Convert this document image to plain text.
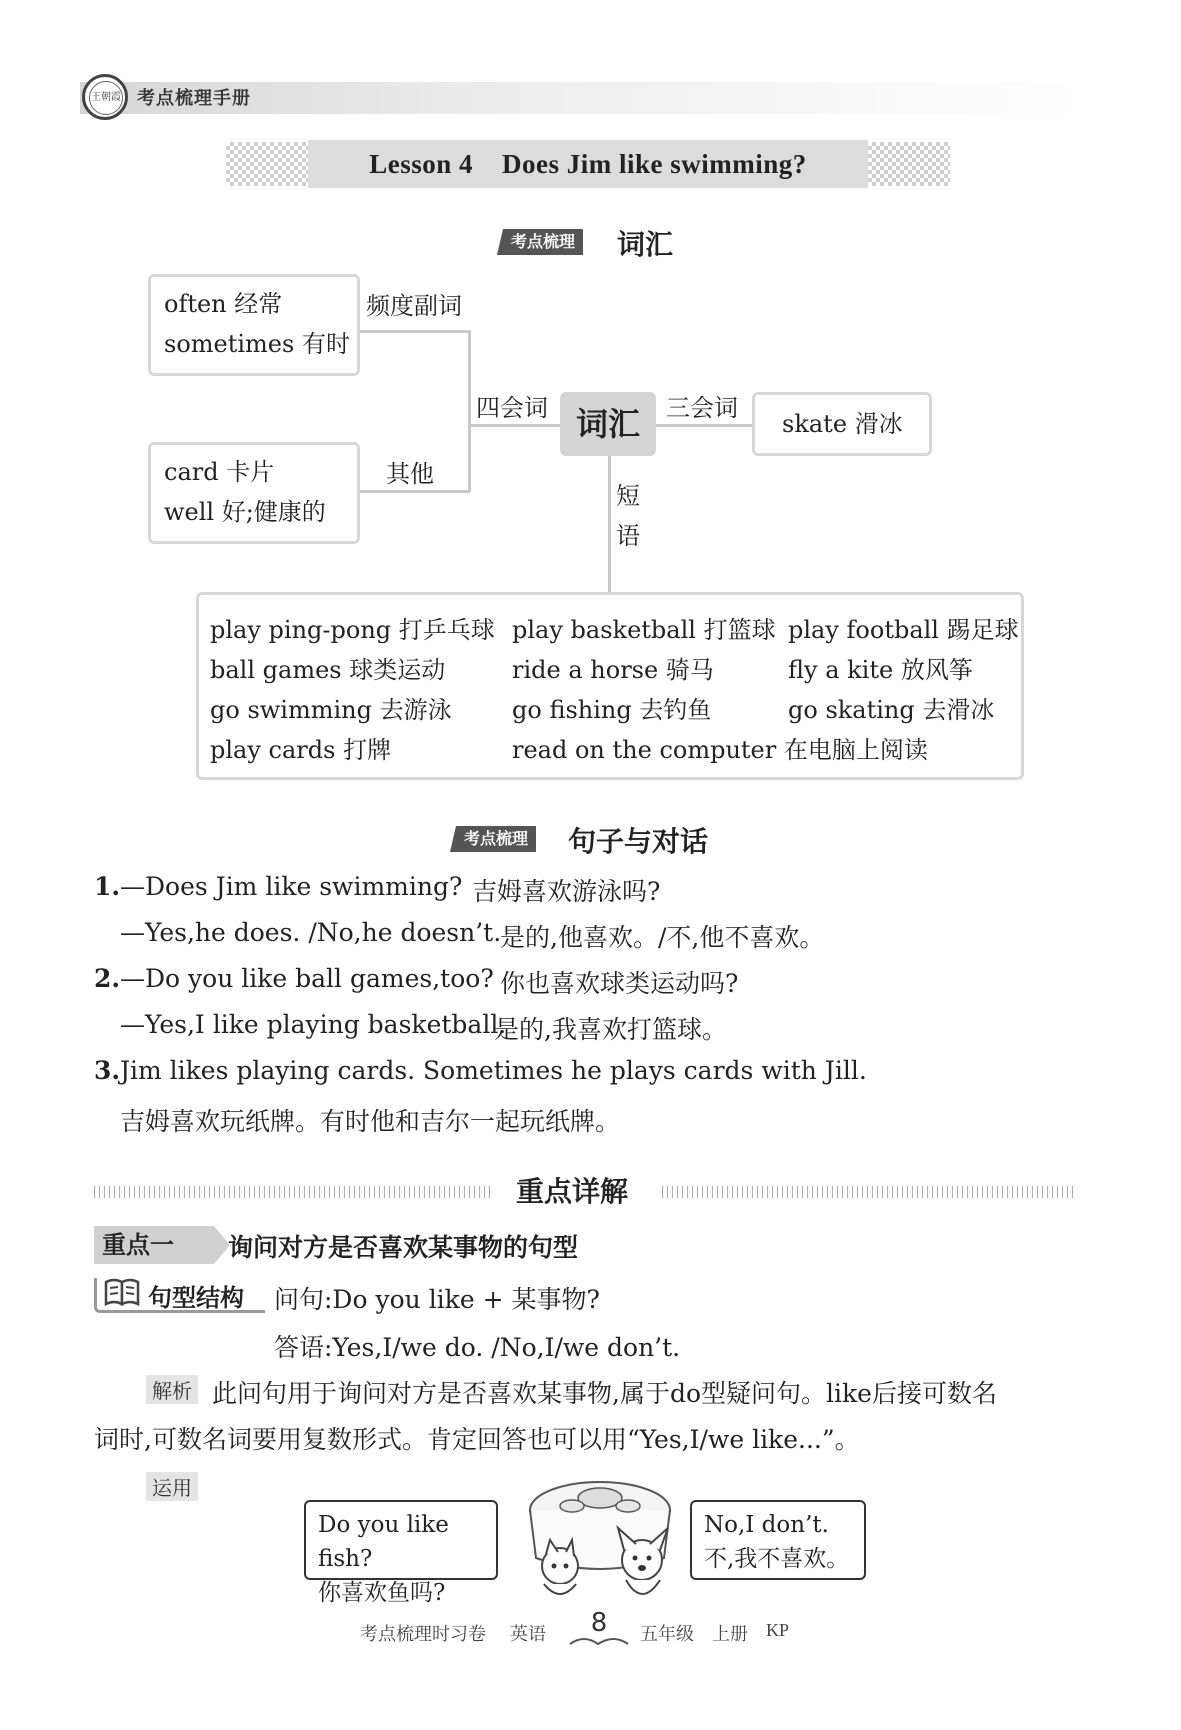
王朝霞 考点梳理手册
Lesson 4    Does Jim like swimming?
考点梳理 词汇
often 经常
sometimes 有时
频度副词
card 卡片
well 好;健康的
其他
四会词 词汇	三会词
skate 滑冰
短
语
play ping-pong 打乒乓球 play basketball 打篮球 play football 踢足球
ball games 球类运动	ride a horse 骑马	fly a kite 放风筝
go swimming 去游泳	go fishing 去钓鱼	go skating 去滑冰
play cards 打牌	read on the computer 在电脑上阅读
考点梳理 句子与对话
1. —Does Jim like swimming? 吉姆喜欢游泳吗?
—Yes,he does. /No,he doesn’t.
是的,他喜欢。/不,他不喜欢。
2. —Do you like ball games,too? 你也喜欢球类运动吗?
—Yes,I like playing basketball.
是的,我喜欢打篮球。
3. Jim likes playing cards. Sometimes he plays cards with Jill.
吉姆喜欢玩纸牌。有时他和吉尔一起玩纸牌。
重点详解
重点一	询问对方是否喜欢某事物的句型
句型结构 问句:Do you like + 某事物?
答语:Yes,I/we do. /No,I/we don’t.
解析 此问句用于询问对方是否喜欢某事物,属于do型疑问句。like后接可数名
词时,可数名词要用复数形式。肯定回答也可以用“Yes,I/we like...”。
运用
Do you like fish?
你喜欢鱼吗?
No,I don’t.
不,我不喜欢。
考点梳理时习卷 英语	8	五年级 上册 KP
